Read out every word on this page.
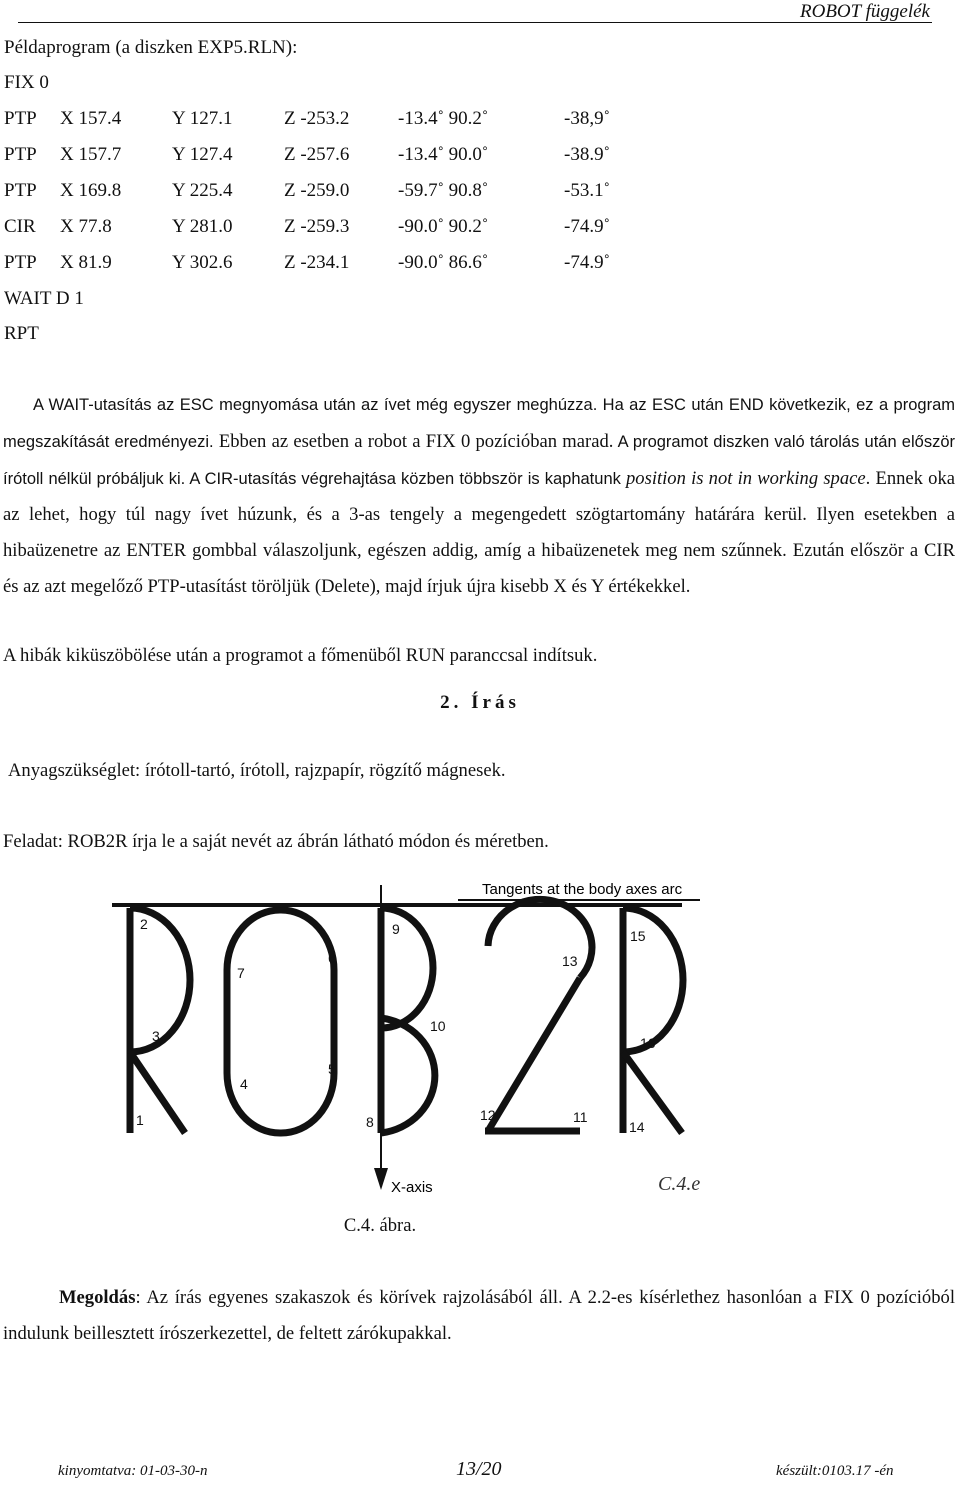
ROBOT függelék
Példaprogram (a diszken EXP5.RLN):
FIX 0
PTP X 157.4	Y 127.1	Z -253.2	-13.4˚ 90.2˚	-38,9˚
PTP X 157.7	Y 127.4	Z -257.6	-13.4˚ 90.0˚	-38.9˚
PTP X 169.8	Y 225.4	Z -259.0	-59.7˚ 90.8˚	-53.1˚
CIR X 77.8	Y 281.0	Z -259.3	-90.0˚ 90.2˚	-74.9˚
PTP X 81.9	Y 302.6	Z -234.1	-90.0˚ 86.6˚	-74.9˚
WAIT D 1
RPT

A WAIT-utasítás az ESC megnyomása után az ívet még egyszer meghúzza. Ha az ESC után END következik, ez a program megszakítását eredményezi. Ebben az esetben a robot a FIX 0 pozícióban marad. A programot diszken való tárolás után először írótoll nélkül próbáljuk ki. A CIR-utasítás végrehajtása közben többször is kaphatunk position is not in working space. Ennek oka az lehet, hogy túl nagy ívet húzunk, és a 3-as tengely a megengedett szögtartomány határára kerül. Ilyen esetekben a hibaüzenetre az ENTER gombbal válaszoljunk, egészen addig, amíg a hibaüzenetek meg nem szűnnek. Ezután először a CIR és az azt megelőző PTP-utasítást töröljük (Delete), majd írjuk újra kisebb X és Y értékekkel.

A hibák kiküszöbölése után a programot a főmenüből RUN paranccsal indítsuk.
2. Írás
Anyagszükséglet: írótoll-tartó, írótoll, rajzpapír, rögzítő mágnesek.
Feladat: ROB2R írja le a saját nevét az ábrán látható módon és méretben.
Tangents at the body axes arc
X-axis
1
2
3
4
5
6
7
8
9
10
11
12
13
14
15
16
C.4.e
C.4. ábra.

Megoldás: Az írás egyenes szakaszok és körívek rajzolásából áll. A 2.2-es kísérlethez hasonlóan a FIX 0 pozícióból indulunk beillesztett írószerkezettel, de feltett zárókupakkal.

kinyomtatva: 01-03-30-n	13/20	készült:0103.17 -én
